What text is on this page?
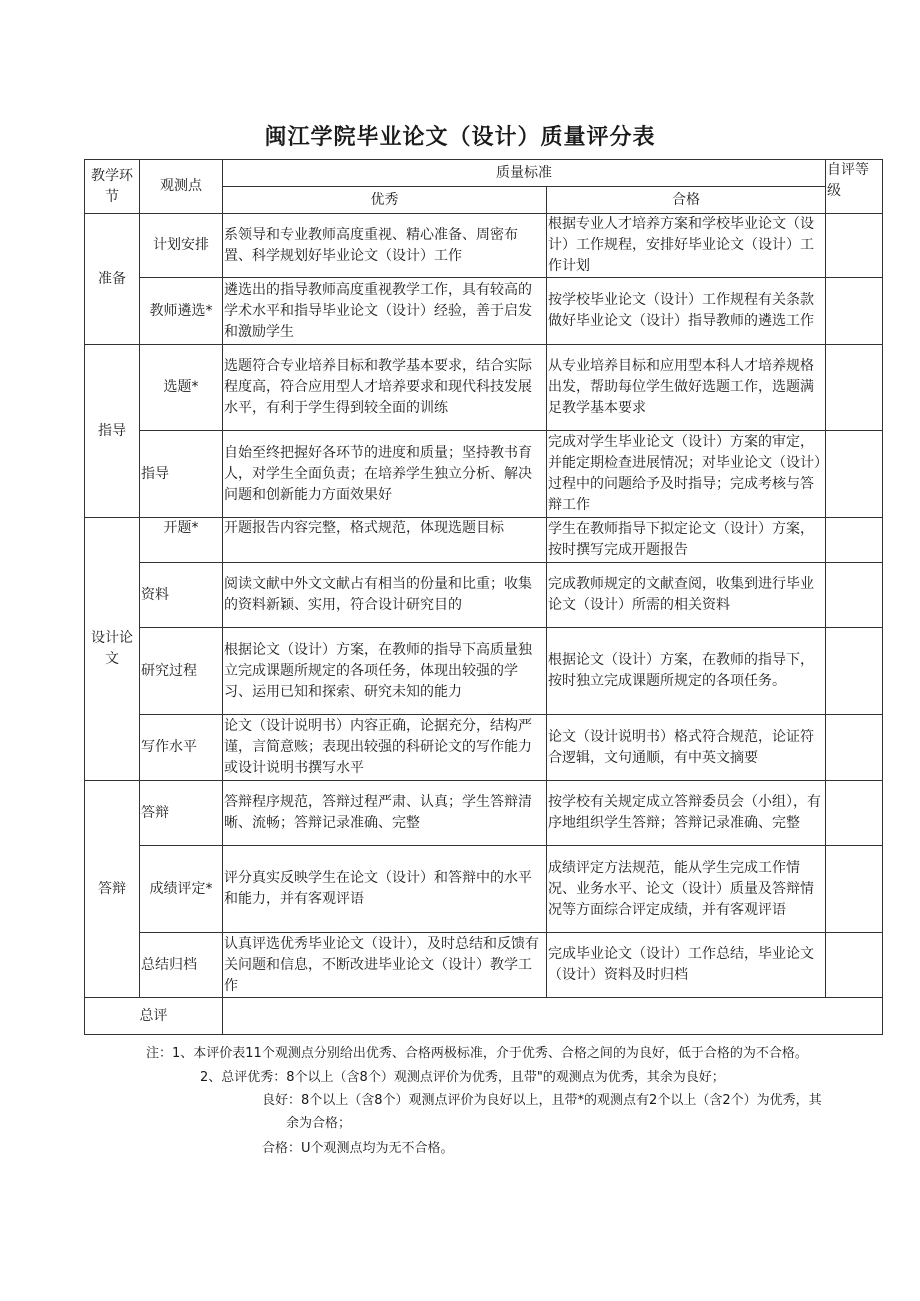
闽江学院毕业论文（设计）质量评分表
教学环节	观测点	质量标准		自评等级
		优秀	合格	
准备	计划安排	系领导和专业教师高度重视、精心准备、周密布置、科学规划好毕业论文（设计）工作	根据专业人才培养方案和学校毕业论文（设计）工作规程，安排好毕业论文（设计）工作计划	
	教师遴选*	遴选出的指导教师高度重视教学工作，具有较高的学术水平和指导毕业论文（设计）经验，善于启发和激励学生	按学校毕业论文（设计）工作规程有关条款做好毕业论文（设计）指导教师的遴选工作	
指导	选题*	选题符合专业培养目标和教学基本要求，结合实际程度高，符合应用型人才培养要求和现代科技发展水平，有利于学生得到较全面的训练	从专业培养目标和应用型本科人才培养规格出发，帮助每位学生做好选题工作，选题满足教学基本要求	
	指导	自始至终把握好各环节的进度和质量；坚持教书育人，对学生全面负责；在培养学生独立分析、解决问题和创新能力方面效果好	完成对学生毕业论文（设计）方案的审定，并能定期检查进展情况；对毕业论文（设计）过程中的问题给予及时指导；完成考核与答辩工作	
设计论文	开题*	开题报告内容完整，格式规范，体现选题目标	学生在教师指导下拟定论文（设计）方案，按时撰写完成开题报告	
	资料	阅读文献中外文文献占有相当的份量和比重；收集的资料新颖、实用，符合设计研究目的	完成教师规定的文献查阅，收集到进行毕业论文（设计）所需的相关资料	
	研究过程	根据论文（设计）方案，在教师的指导下高质量独立完成课题所规定的各项任务，体现出较强的学习、运用已知和探索、研究未知的能力	根据论文（设计）方案，在教师的指导下，按时独立完成课题所规定的各项任务。	
	写作水平	论文（设计说明书）内容正确，论据充分，结构严谨，言简意赅；表现出较强的科研论文的写作能力或设计说明书撰写水平	论文（设计说明书）格式符合规范，论证符合逻辑，文句通顺，有中英文摘要	
答辩	答辩	答辩程序规范，答辩过程严肃、认真；学生答辩清晰、流畅；答辩记录准确、完整	按学校有关规定成立答辩委员会（小组），有序地组织学生答辩；答辩记录准确、完整	
	成绩评定*	评分真实反映学生在论文（设计）和答辩中的水平和能力，并有客观评语	成绩评定方法规范，能从学生完成工作情况、业务水平、论文（设计）质量及答辩情况等方面综合评定成绩，并有客观评语	
	总结归档	认真评选优秀毕业论文（设计），及时总结和反馈有关问题和信息，不断改进毕业论文（设计）教学工作	完成毕业论文（设计）工作总结，毕业论文（设计）资料及时归档	
总评				
注：1、本评价表11个观测点分别给出优秀、合格两极标准，介于优秀、合格之间的为良好，低于合格的为不合格。
2、总评优秀：8个以上（含8个）观测点评价为优秀，且带"的观测点为优秀，其余为良好；
良好：8个以上（含8个）观测点评价为良好以上，且带*的观测点有2个以上（含2个）为优秀，其
余为合格；
合格：U个观测点均为无不合格。
